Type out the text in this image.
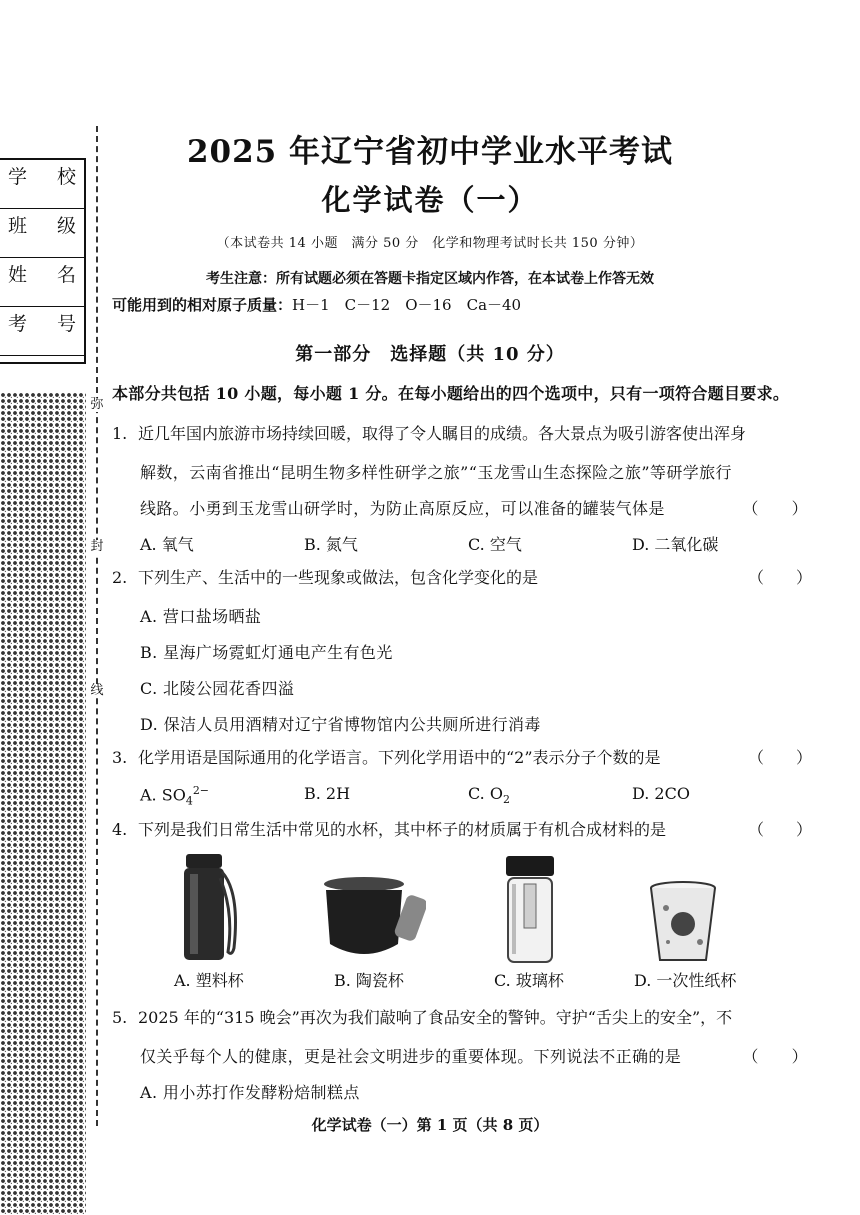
学 校
班 级
姓 名
考 号
弥
封
线
2025 年辽宁省初中学业水平考试
化学试卷（一）
（本试卷共 14 小题　满分 50 分　化学和物理考试时长共 150 分钟）
考生注意：所有试题必须在答题卡指定区域内作答，在本试卷上作答无效
可能用到的相对原子质量：H－1　C－12　O－16　Ca－40
第一部分　选择题（共 10 分）
本部分共包括 10 小题，每小题 1 分。在每小题给出的四个选项中，只有一项符合题目要求。
1. 近几年国内旅游市场持续回暖，取得了令人瞩目的成绩。各大景点为吸引游客使出浑身
解数，云南省推出“昆明生物多样性研学之旅”“玉龙雪山生态探险之旅”等研学旅行
线路。小勇到玉龙雪山研学时，为防止高原反应，可以准备的罐装气体是	（　　）
A. 氧气	B. 氮气	C. 空气	D. 二氧化碳
2. 下列生产、生活中的一些现象或做法，包含化学变化的是	（　　）
A. 营口盐场晒盐
B. 星海广场霓虹灯通电产生有色光
C. 北陵公园花香四溢
D. 保洁人员用酒精对辽宁省博物馆内公共厕所进行消毒
3. 化学用语是国际通用的化学语言。下列化学用语中的“2”表示分子个数的是	（　　）
A. $SO_4^{2-}$	B. 2H	C. $O_2$	D. 2CO
4. 下列是我们日常生活中常见的水杯，其中杯子的材质属于有机合成材料的是	（　　）
A. 塑料杯	B. 陶瓷杯	C. 玻璃杯	D. 一次性纸杯
5. 2025 年的“315 晚会”再次为我们敲响了食品安全的警钟。守护“舌尖上的安全”，不
仅关乎每个人的健康，更是社会文明进步的重要体现。下列说法不正确的是	（　　）
A. 用小苏打作发酵粉焙制糕点
化学试卷（一）第 1 页（共 8 页）
